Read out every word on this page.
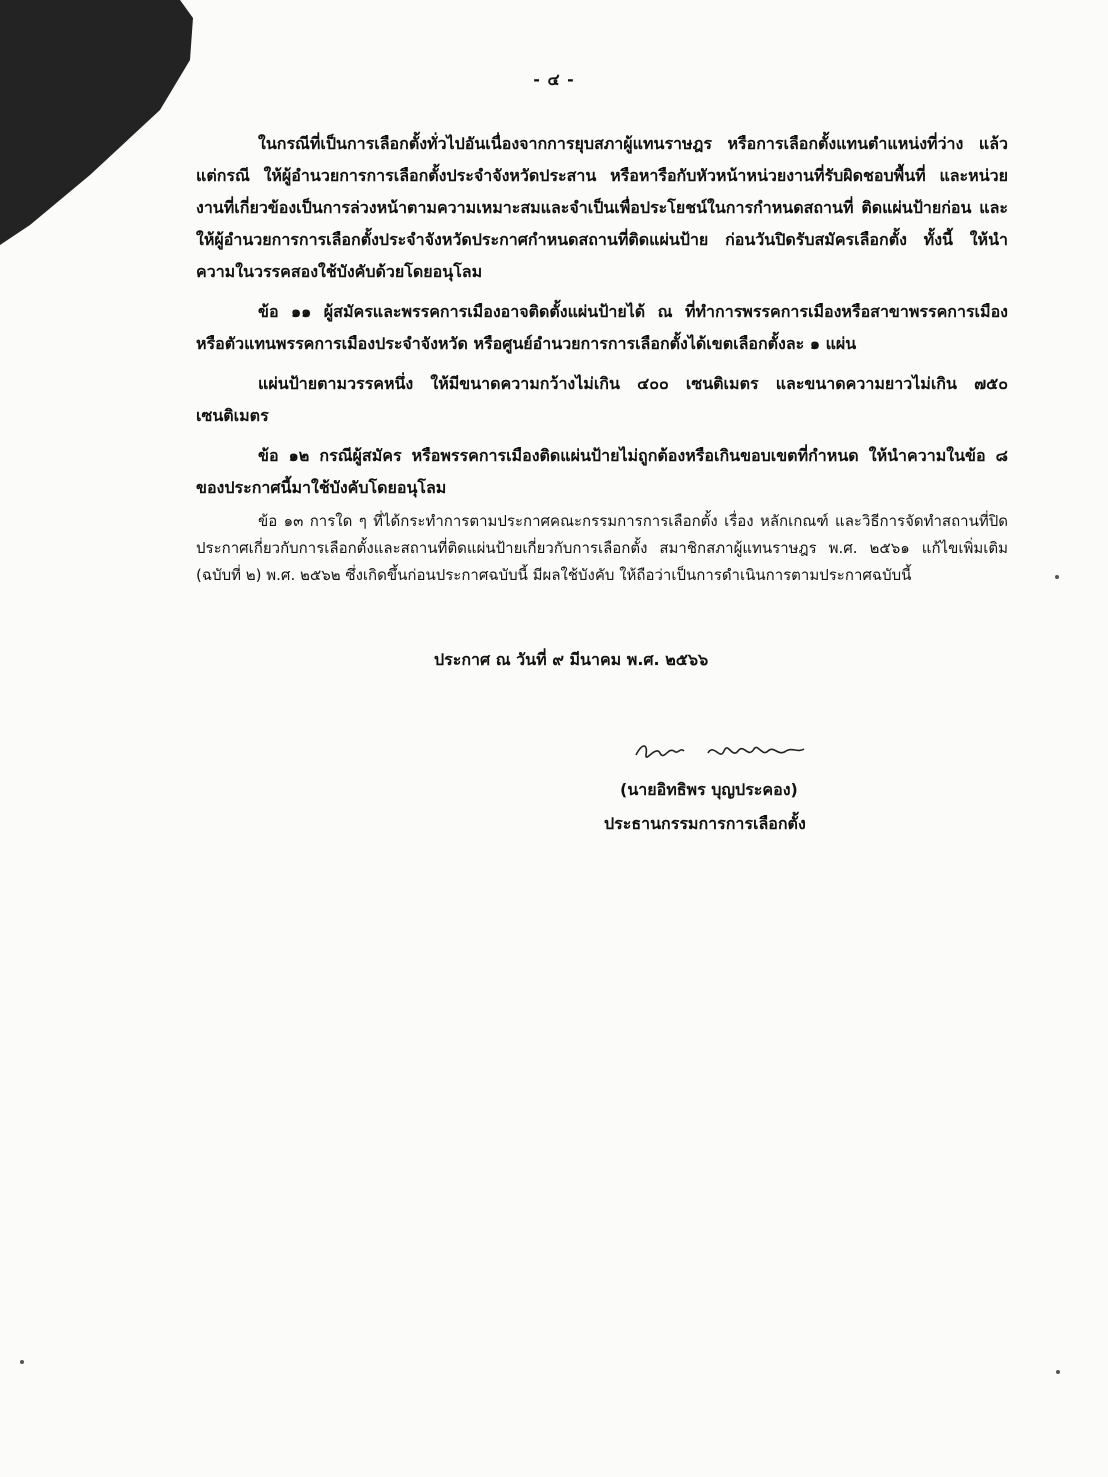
- ๔ -

ในกรณีที่เป็นการเลือกตั้งทั่วไปอันเนื่องจากการยุบสภาผู้แทนราษฎร หรือการเลือกตั้งแทนตำแหน่งที่ว่าง แล้วแต่กรณี ให้ผู้อำนวยการการเลือกตั้งประจำจังหวัดประสาน หรือหารือกับหัวหน้าหน่วยงานที่รับผิดชอบพื้นที่ และหน่วยงานที่เกี่ยวข้องเป็นการล่วงหน้าตามความเหมาะสมและจำเป็นเพื่อประโยชน์ในการกำหนดสถานที่ ติดแผ่นป้ายก่อน และให้ผู้อำนวยการการเลือกตั้งประจำจังหวัดประกาศกำหนดสถานที่ติดแผ่นป้าย ก่อนวันปิดรับสมัครเลือกตั้ง ทั้งนี้ ให้นำความในวรรคสองใช้บังคับด้วยโดยอนุโลม

ข้อ ๑๑ ผู้สมัครและพรรคการเมืองอาจติดตั้งแผ่นป้ายได้ ณ ที่ทำการพรรคการเมืองหรือสาขาพรรคการเมือง หรือตัวแทนพรรคการเมืองประจำจังหวัด หรือศูนย์อำนวยการการเลือกตั้งได้เขตเลือกตั้งละ ๑ แผ่น

แผ่นป้ายตามวรรคหนึ่ง ให้มีขนาดความกว้างไม่เกิน ๔๐๐ เซนติเมตร และขนาดความยาวไม่เกิน ๗๕๐ เซนติเมตร

ข้อ ๑๒ กรณีผู้สมัคร หรือพรรคการเมืองติดแผ่นป้ายไม่ถูกต้องหรือเกินขอบเขตที่กำหนด ให้นำความในข้อ ๘ ของประกาศนี้มาใช้บังคับโดยอนุโลม

ข้อ ๑๓ การใด ๆ ที่ได้กระทำการตามประกาศคณะกรรมการการเลือกตั้ง เรื่อง หลักเกณฑ์ และวิธีการจัดทำสถานที่ปิดประกาศเกี่ยวกับการเลือกตั้งและสถานที่ติดแผ่นป้ายเกี่ยวกับการเลือกตั้ง สมาชิกสภาผู้แทนราษฎร พ.ศ. ๒๕๖๑ แก้ไขเพิ่มเติม (ฉบับที่ ๒) พ.ศ. ๒๕๖๒ ซึ่งเกิดขึ้นก่อนประกาศฉบับนี้ มีผลใช้บังคับ ให้ถือว่าเป็นการดำเนินการตามประกาศฉบับนี้

ประกาศ ณ วันที่ ๙ มีนาคม พ.ศ. ๒๕๖๖
(นายอิทธิพร บุญประคอง)
ประธานกรรมการการเลือกตั้ง
